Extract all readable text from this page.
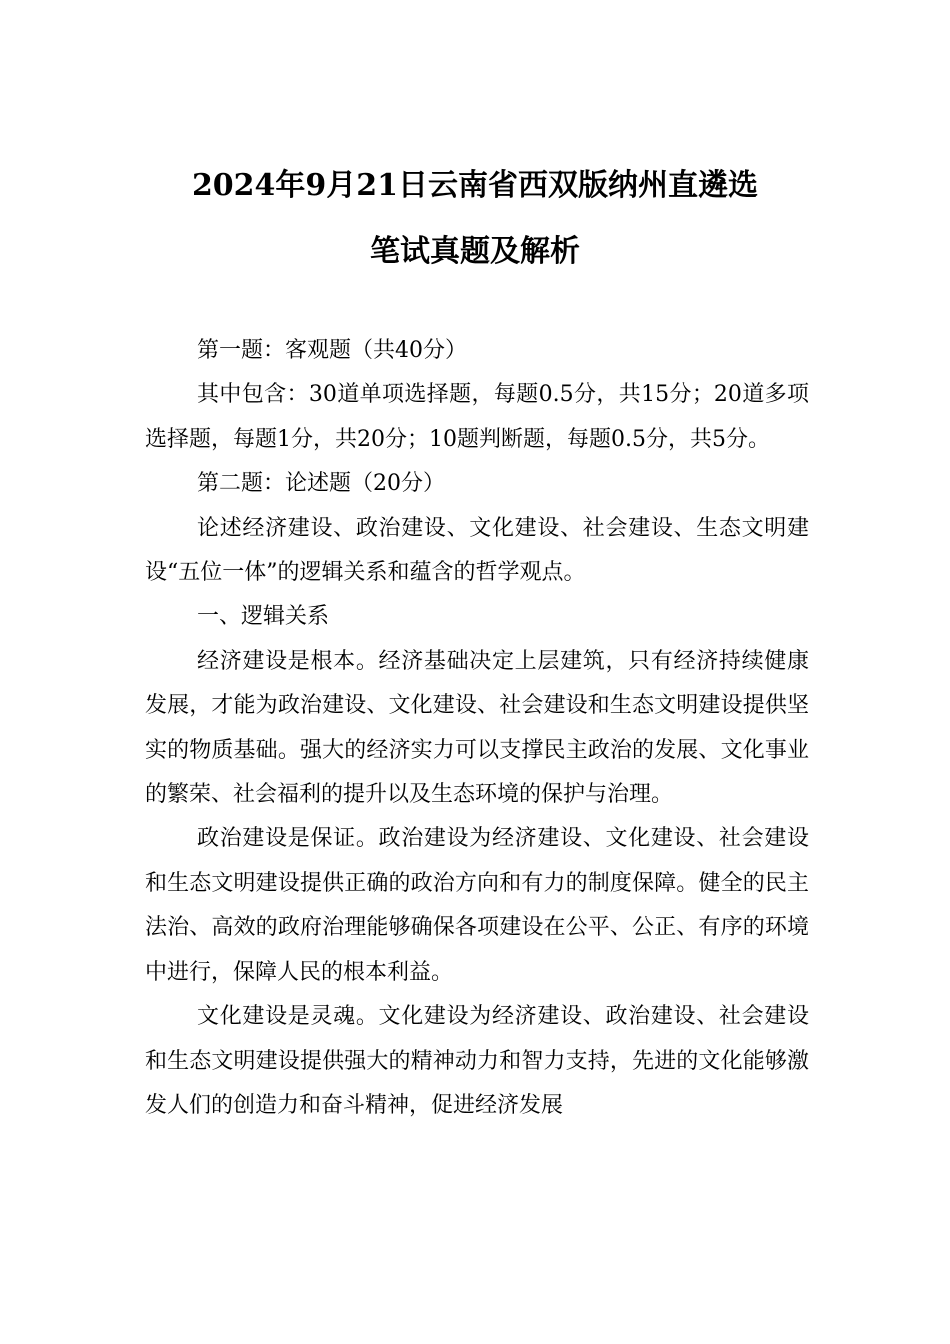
2024年9月21日云南省西双版纳州直遴选
笔试真题及解析

第一题：客观题（共40分）

其中包含：30道单项选择题，每题0.5分，共15分；20道多项选择题，每题1分，共20分；10题判断题，每题0.5分，共5分。

第二题：论述题（20分）

论述经济建设、政治建设、文化建设、社会建设、生态文明建设“五位一体”的逻辑关系和蕴含的哲学观点。

一、逻辑关系

经济建设是根本。经济基础决定上层建筑，只有经济持续健康发展，才能为政治建设、文化建设、社会建设和生态文明建设提供坚实的物质基础。强大的经济实力可以支撑民主政治的发展、文化事业的繁荣、社会福利的提升以及生态环境的保护与治理。

政治建设是保证。政治建设为经济建设、文化建设、社会建设和生态文明建设提供正确的政治方向和有力的制度保障。健全的民主法治、高效的政府治理能够确保各项建设在公平、公正、有序的环境中进行，保障人民的根本利益。

文化建设是灵魂。文化建设为经济建设、政治建设、社会建设和生态文明建设提供强大的精神动力和智力支持，先进的文化能够激发人们的创造力和奋斗精神，促进经济发展
